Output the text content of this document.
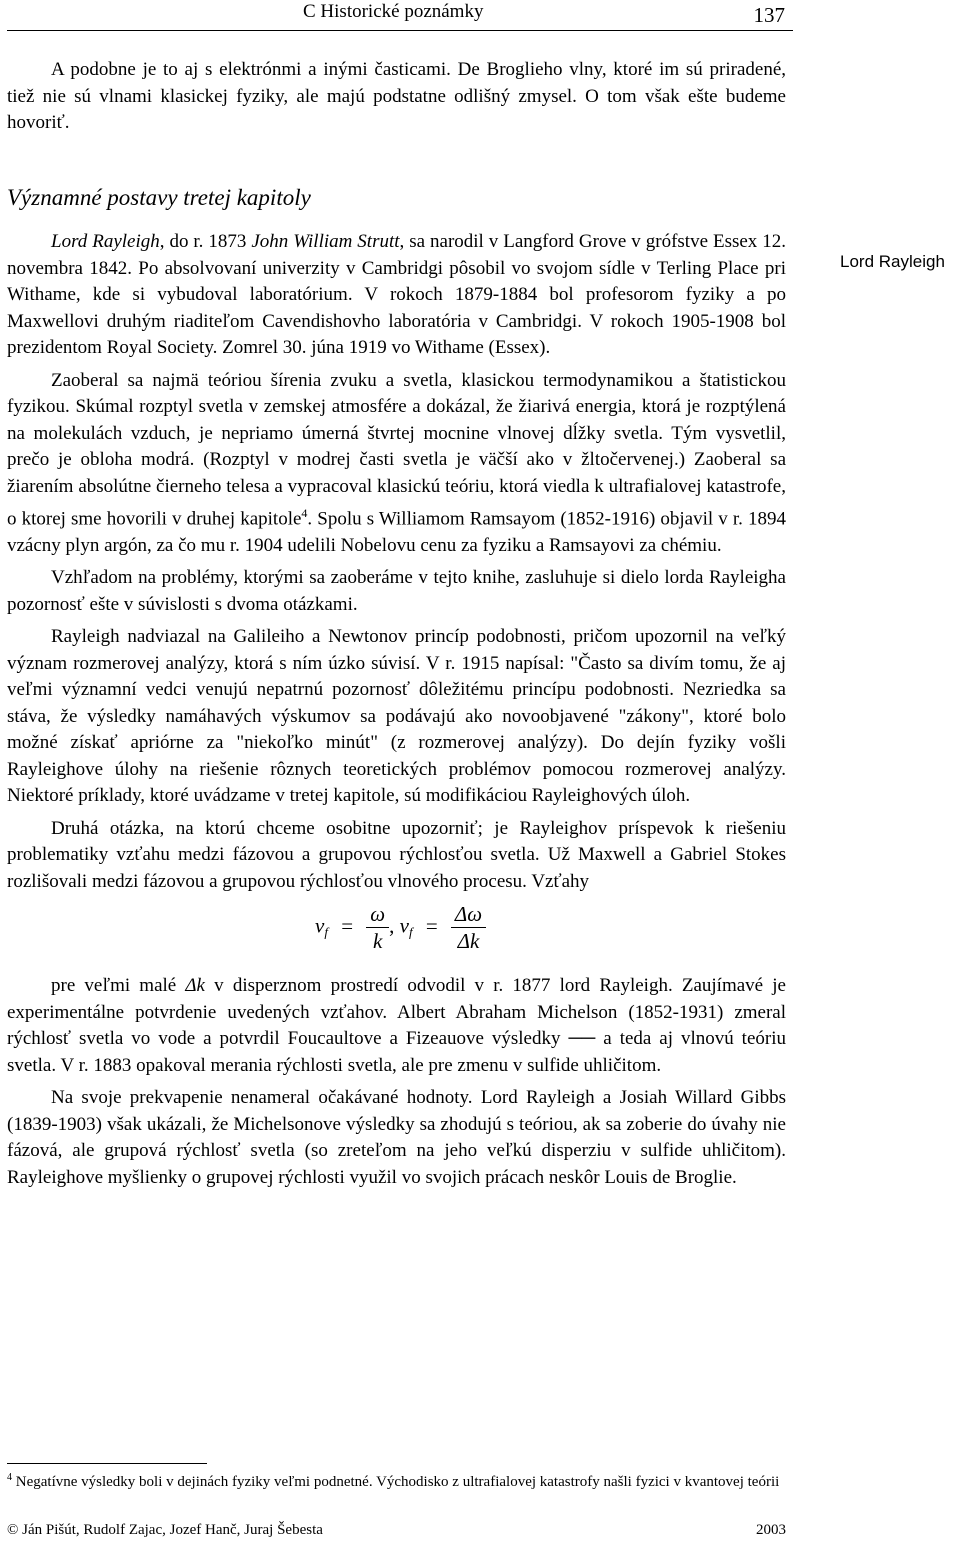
C Historické poznámky	137
Lord Rayleigh

A podobne je to aj s elektrónmi a inými časticami. De Broglieho vlny, ktoré im sú priradené, tiež nie sú vlnami klasickej fyziky, ale majú podstatne odlišný zmysel. O tom však ešte budeme hovoriť.

Významné postavy tretej kapitoly

Lord Rayleigh, do r. 1873 John William Strutt, sa narodil v Langford Grove v grófstve Essex 12. novembra 1842. Po absolvovaní univerzity v Cambridgi pôsobil vo svojom sídle v Terling Place pri Withame, kde si vybudoval laboratórium. V rokoch 1879-1884 bol profesorom fyziky a po Maxwellovi druhým riaditeľom Cavendishovho laboratória v Cambridgi. V rokoch 1905-1908 bol prezidentom Royal Society. Zomrel 30. júna 1919 vo Withame (Essex).

Zaoberal sa najmä teóriou šírenia zvuku a svetla, klasickou termodynamikou a štatistickou fyzikou. Skúmal rozptyl svetla v zemskej atmosfére a dokázal, že žiarivá energia, ktorá je rozptýlená na molekulách vzduch, je nepriamo úmerná štvrtej mocnine vlnovej dĺžky svetla. Tým vysvetlil, prečo je obloha modrá. (Rozptyl v modrej časti svetla je väčší ako v žltočervenej.) Zaoberal sa žiarením absolútne čierneho telesa a vypracoval klasickú teóriu, ktorá viedla k ultrafialovej katastrofe, o ktorej sme hovorili v druhej kapitole$^4$. Spolu s Williamom Ramsayom (1852-1916) objavil v r. 1894 vzácny plyn argón, za čo mu r. 1904 udelili Nobelovu cenu za fyziku a Ramsayovi za chémiu.

Vzhľadom na problémy, ktorými sa zaoberáme v tejto knihe, zasluhuje si dielo lorda Rayleigha pozornosť ešte v súvislosti s dvoma otázkami.

Rayleigh nadviazal na Galileiho a Newtonov princíp podobnosti, pričom upozornil na veľký význam rozmerovej analýzy, ktorá s ním úzko súvisí. V r. 1915 napísal: "Často sa divím tomu, že aj veľmi významní vedci venujú nepatrnú pozornosť dôležitému princípu podobnosti. Nezriedka sa stáva, že výsledky namáhavých výskumov sa podávajú ako novoobjavené "zákony", ktoré bolo možné získať apriórne za "niekoľko minút" (z rozmerovej analýzy). Do dejín fyziky vošli Rayleighove úlohy na riešenie rôznych teoretických problémov pomocou rozmerovej analýzy. Niektoré príklady, ktoré uvádzame v tretej kapitole, sú modifikáciou Rayleighových úloh.

Druhá otázka, na ktorú chceme osobitne upozorniť; je Rayleighov príspevok k riešeniu problematiky vzťahu medzi fázovou a grupovou rýchlosťou svetla. Už Maxwell a Gabriel Stokes rozlišovali medzi fázovou a grupovou rýchlosťou vlnového procesu. Vzťahy

$v_f = \frac{\omega}{k}$ , $v_f = \frac{\Delta\omega}{\Delta k}$

pre veľmi malé Δk v disperznom prostredí odvodil v r. 1877 lord Rayleigh. Zaujímavé je experimentálne potvrdenie uvedených vzťahov. Albert Abraham Michelson (1852-1931) zmeral rýchlosť svetla vo vode a potvrdil Foucaultove a Fizeauove výsledky ── a teda aj vlnovú teóriu svetla. V r. 1883 opakoval merania rýchlosti svetla, ale pre zmenu v sulfide uhličitom.

Na svoje prekvapenie nenameral očakávané hodnoty. Lord Rayleigh a Josiah Willard Gibbs (1839-1903) však ukázali, že Michelsonove výsledky sa zhodujú s teóriou, ak sa zoberie do úvahy nie fázová, ale grupová rýchlosť svetla (so zreteľom na jeho veľkú disperziu v sulfide uhličitom). Rayleighove myšlienky o grupovej rýchlosti využil vo svojich prácach neskôr Louis de Broglie.

$^4$ Negatívne výsledky boli v dejinách fyziky veľmi podnetné. Východisko z ultrafialovej katastrofy našli fyzici v kvantovej teórii
© Ján Pišút, Rudolf Zajac, Jozef Hanč, Juraj Šebesta	2003
